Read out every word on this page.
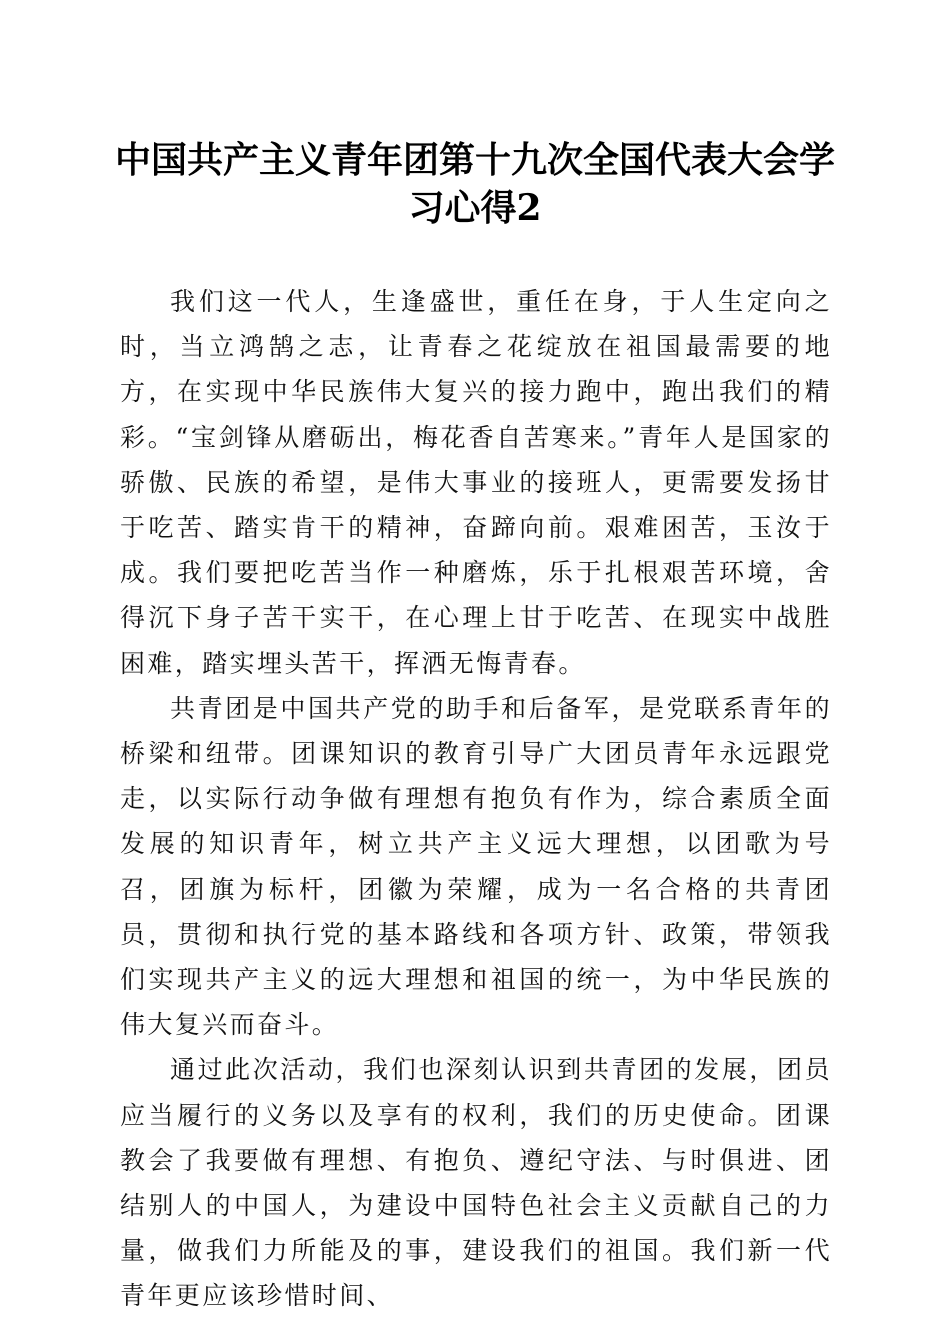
中国共产主义青年团第十九次全国代表大会学习心得2

我们这一代人，生逢盛世，重任在身，于人生定向之时，当立鸿鹄之志，让青春之花绽放在祖国最需要的地方，在实现中华民族伟大复兴的接力跑中，跑出我们的精彩。“宝剑锋从磨砺出，梅花香自苦寒来。”青年人是国家的骄傲、民族的希望，是伟大事业的接班人，更需要发扬甘于吃苦、踏实肯干的精神，奋蹄向前。艰难困苦，玉汝于成。我们要把吃苦当作一种磨炼，乐于扎根艰苦环境，舍得沉下身子苦干实干，在心理上甘于吃苦、在现实中战胜困难，踏实埋头苦干，挥洒无悔青春。

共青团是中国共产党的助手和后备军，是党联系青年的桥梁和纽带。团课知识的教育引导广大团员青年永远跟党走，以实际行动争做有理想有抱负有作为，综合素质全面发展的知识青年，树立共产主义远大理想，以团歌为号召，团旗为标杆，团徽为荣耀，成为一名合格的共青团员，贯彻和执行党的基本路线和各项方针、政策，带领我们实现共产主义的远大理想和祖国的统一，为中华民族的伟大复兴而奋斗。

通过此次活动，我们也深刻认识到共青团的发展，团员应当履行的义务以及享有的权利，我们的历史使命。团课教会了我要做有理想、有抱负、遵纪守法、与时俱进、团结别人的中国人，为建设中国特色社会主义贡献自己的力量，做我们力所能及的事，建设我们的祖国。我们新一代青年更应该珍惜时间、
